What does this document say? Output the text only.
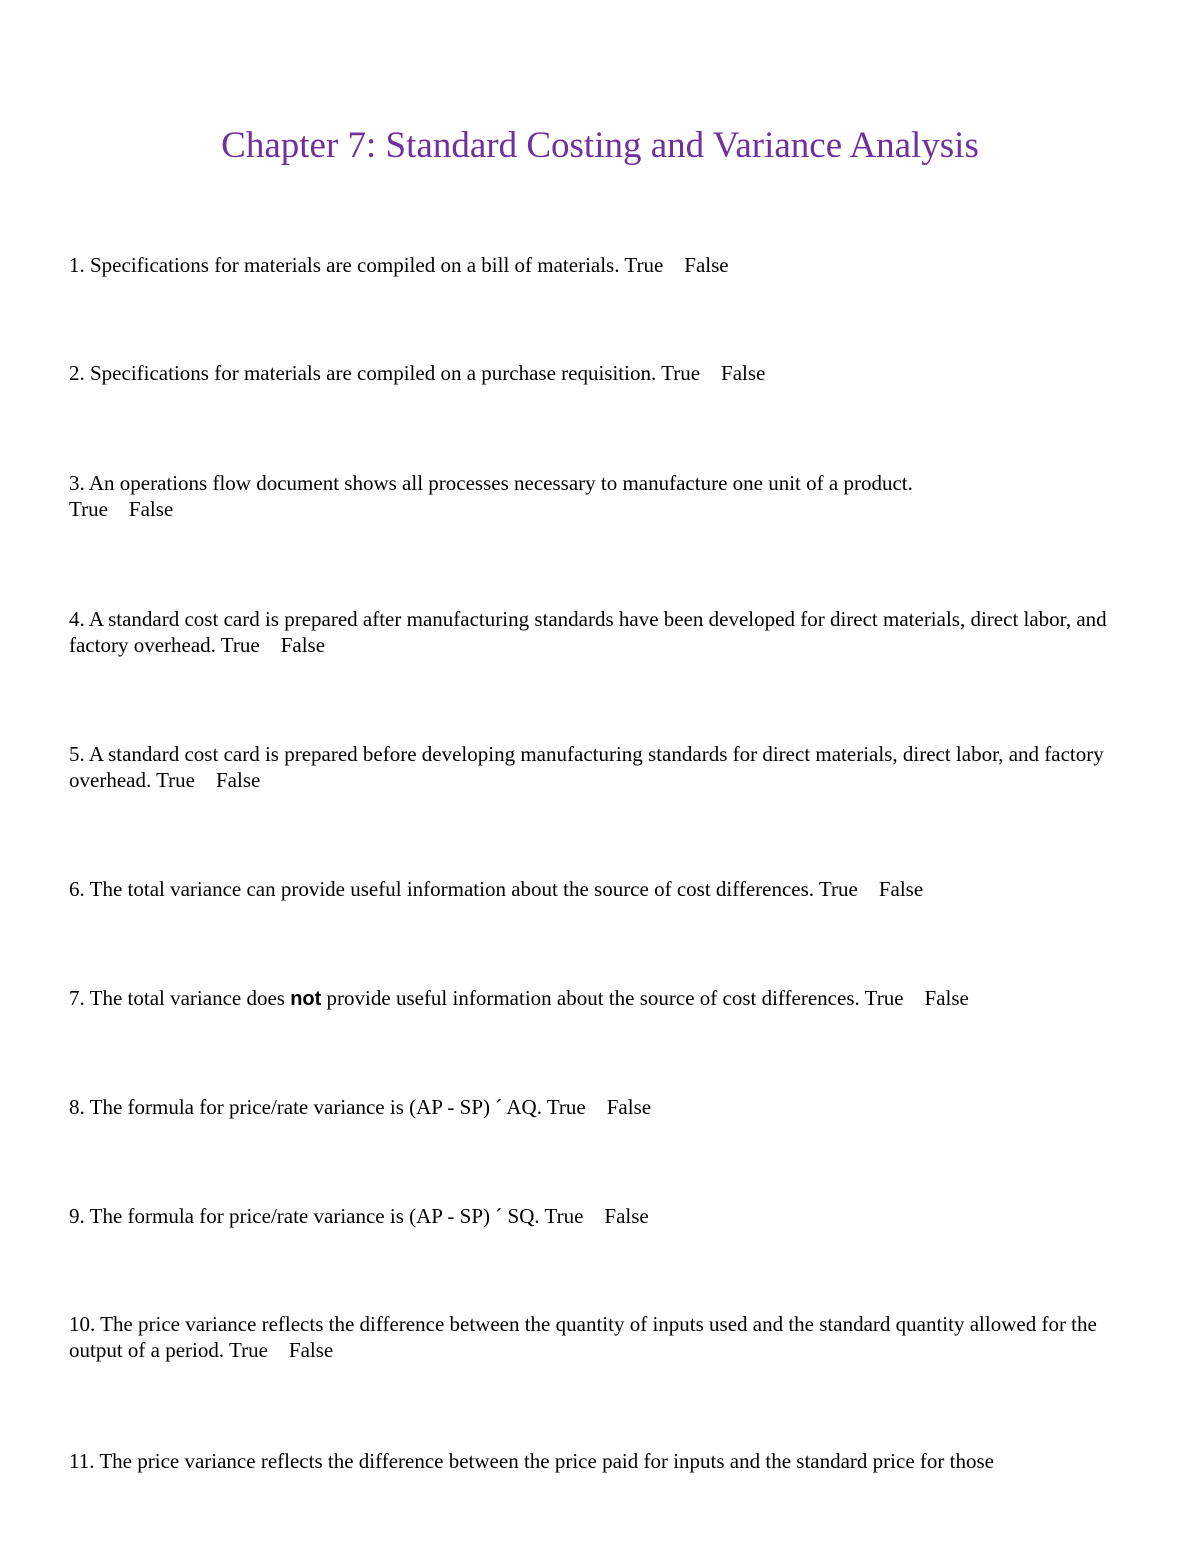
Chapter 7: Standard Costing and Variance Analysis

1. Specifications for materials are compiled on a bill of materials. True False

2. Specifications for materials are compiled on a purchase requisition. True False

3. An operations flow document shows all processes necessary to manufacture one unit of a product.
True False

4. A standard cost card is prepared after manufacturing standards have been developed for direct materials, direct labor, and factory overhead. True False

5. A standard cost card is prepared before developing manufacturing standards for direct materials, direct labor, and factory overhead. True False

6. The total variance can provide useful information about the source of cost differences. True False

7. The total variance does not provide useful information about the source of cost differences. True False

8. The formula for price/rate variance is (AP - SP) ´ AQ. True False

9. The formula for price/rate variance is (AP - SP) ´ SQ. True False

10. The price variance reflects the difference between the quantity of inputs used and the standard quantity allowed for the output of a period. True False

11. The price variance reflects the difference between the price paid for inputs and the standard price for those
